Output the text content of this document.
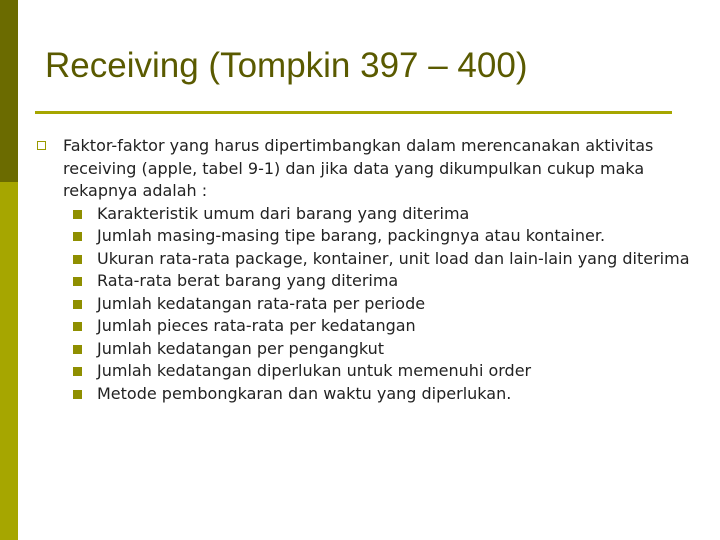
Receiving (Tompkin 397 – 400)
Faktor-faktor yang harus dipertimbangkan dalam merencanakan aktivitas receiving (apple, tabel 9-1) dan jika data yang dikumpulkan cukup maka rekapnya adalah :
Karakteristik umum dari barang yang diterima
Jumlah masing-masing tipe barang, packingnya atau kontainer.
Ukuran rata-rata package, kontainer, unit load dan lain-lain yang diterima
Rata-rata berat barang yang diterima
Jumlah kedatangan rata-rata per periode
Jumlah pieces rata-rata per kedatangan
Jumlah kedatangan per pengangkut
Jumlah kedatangan diperlukan untuk memenuhi order
Metode pembongkaran dan waktu yang diperlukan.
